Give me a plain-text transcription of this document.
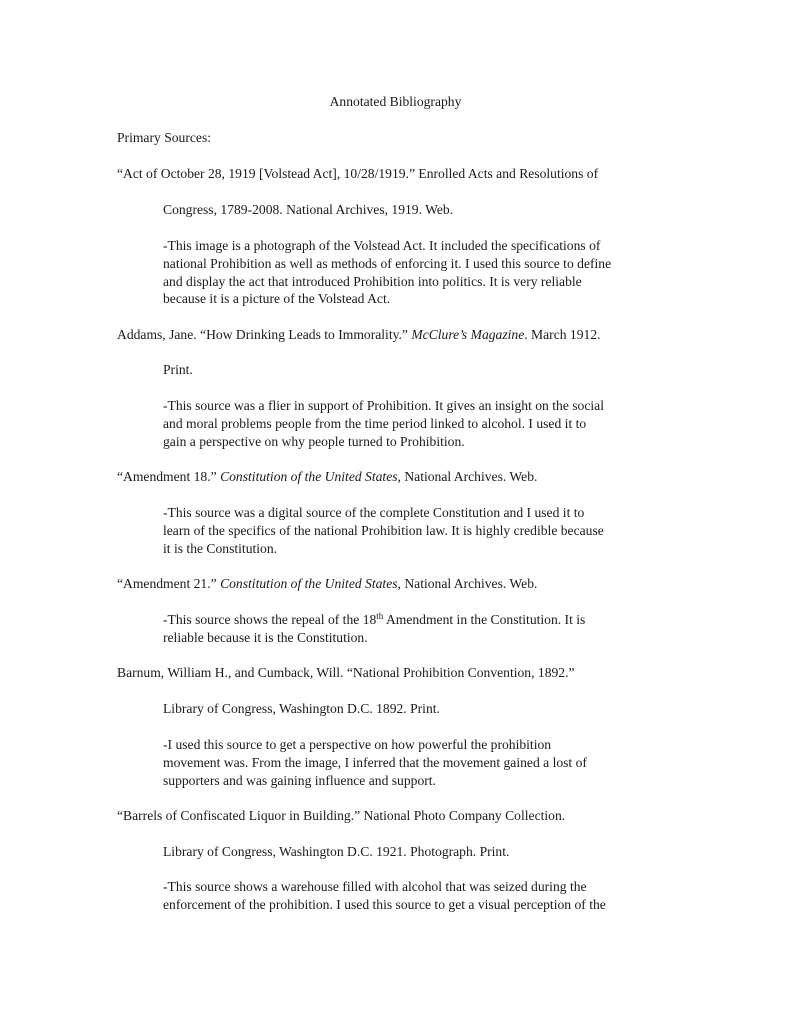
Annotated Bibliography

Primary Sources:

“Act of October 28, 1919 [Volstead Act], 10/28/1919.” Enrolled Acts and Resolutions of

Congress, 1789-2008. National Archives, 1919. Web.

-This image is a photograph of the Volstead Act. It included the specifications of

national Prohibition as well as methods of enforcing it. I used this source to define

and display the act that introduced Prohibition into politics. It is very reliable

because it is a picture of the Volstead Act.

Addams, Jane. “How Drinking Leads to Immorality.” McClure’s Magazine. March 1912.

Print.

-This source was a flier in support of Prohibition. It gives an insight on the social

and moral problems people from the time period linked to alcohol. I used it to

gain a perspective on why people turned to Prohibition.

“Amendment 18.” Constitution of the United States, National Archives. Web.

-This source was a digital source of the complete Constitution and I used it to

learn of the specifics of the national Prohibition law. It is highly credible because

it is the Constitution.

“Amendment 21.” Constitution of the United States, National Archives. Web.

-This source shows the repeal of the 18th Amendment in the Constitution. It is

reliable because it is the Constitution.

Barnum, William H., and Cumback, Will. “National Prohibition Convention, 1892.”

Library of Congress, Washington D.C. 1892. Print.

-I used this source to get a perspective on how powerful the prohibition

movement was. From the image, I inferred that the movement gained a lost of

supporters and was gaining influence and support.

“Barrels of Confiscated Liquor in Building.” National Photo Company Collection.

Library of Congress, Washington D.C. 1921. Photograph. Print.

-This source shows a warehouse filled with alcohol that was seized during the

enforcement of the prohibition. I used this source to get a visual perception of the
